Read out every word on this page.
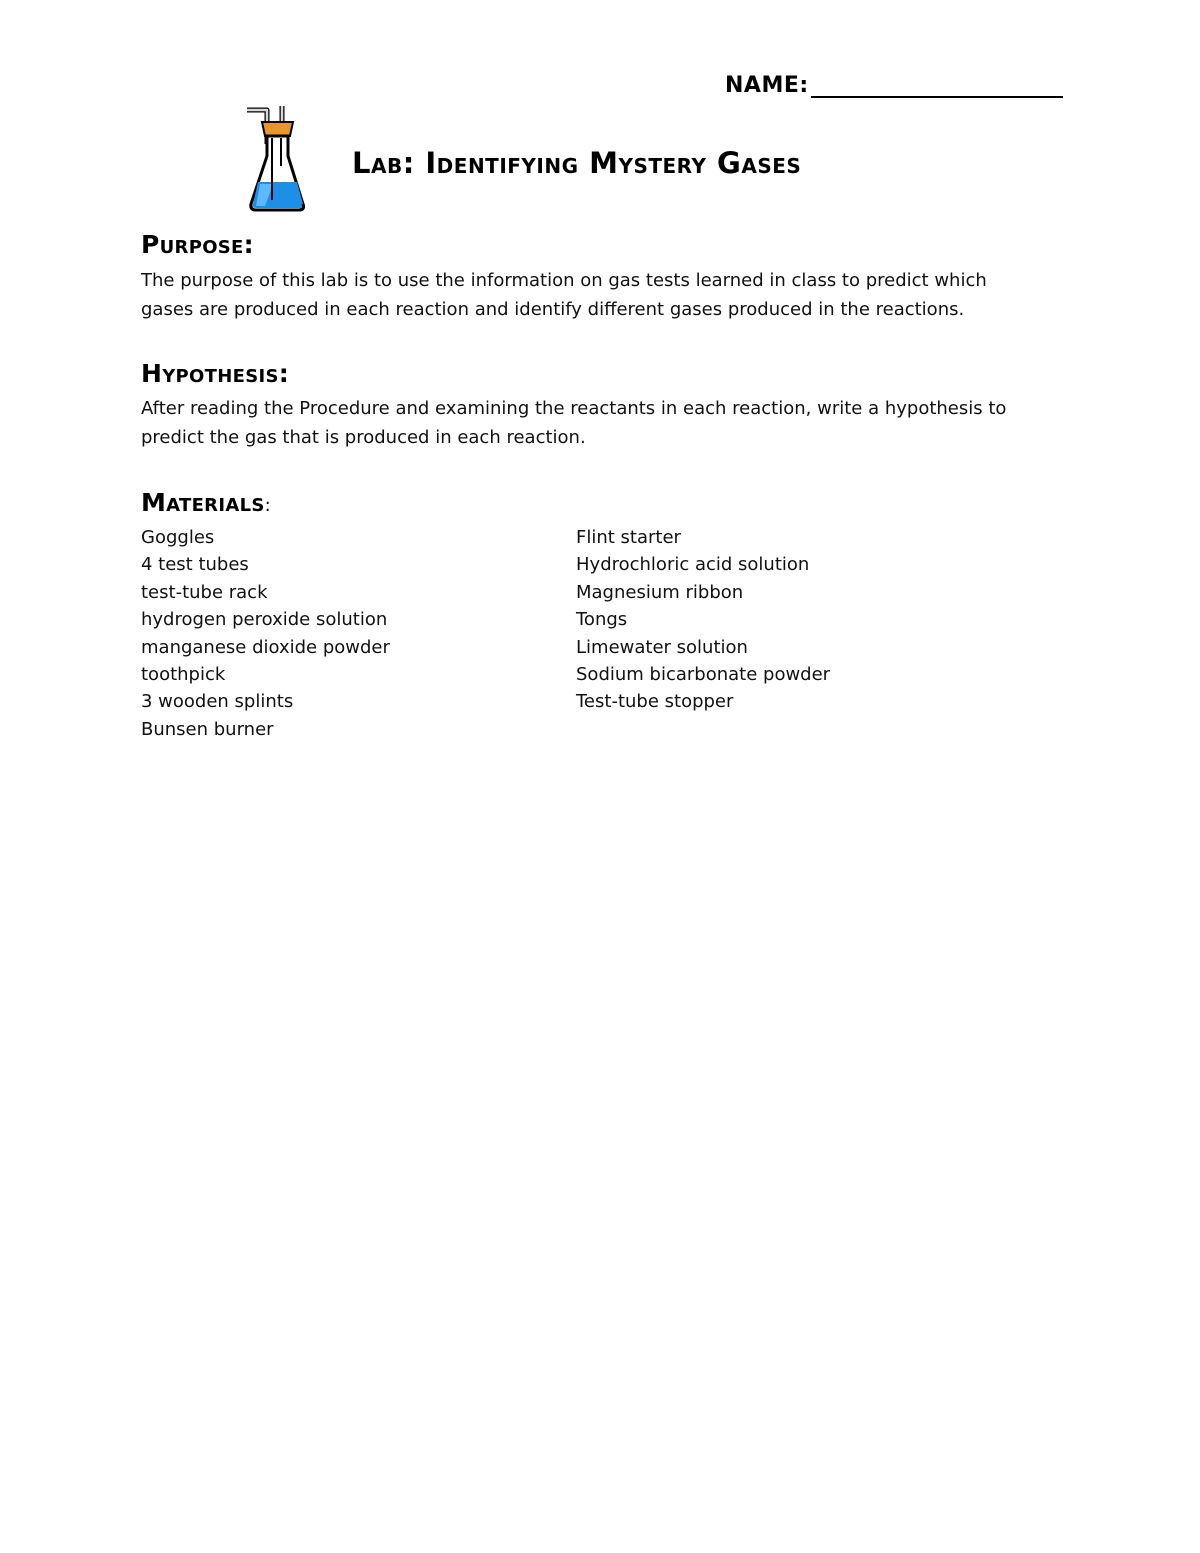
NAME:
Lab: Identifying Mystery Gases
Purpose:
The purpose of this lab is to use the information on gas tests learned in class to predict which gases are produced in each reaction and identify different gases produced in the reactions.
Hypothesis:
After reading the Procedure and examining the reactants in each reaction, write a hypothesis to predict the gas that is produced in each reaction.
Materials:
Goggles
4 test tubes
test-tube rack
hydrogen peroxide solution
manganese dioxide powder
toothpick
3 wooden splints
Bunsen burner
Flint starter
Hydrochloric acid solution
Magnesium ribbon
Tongs
Limewater solution
Sodium bicarbonate powder
Test-tube stopper
